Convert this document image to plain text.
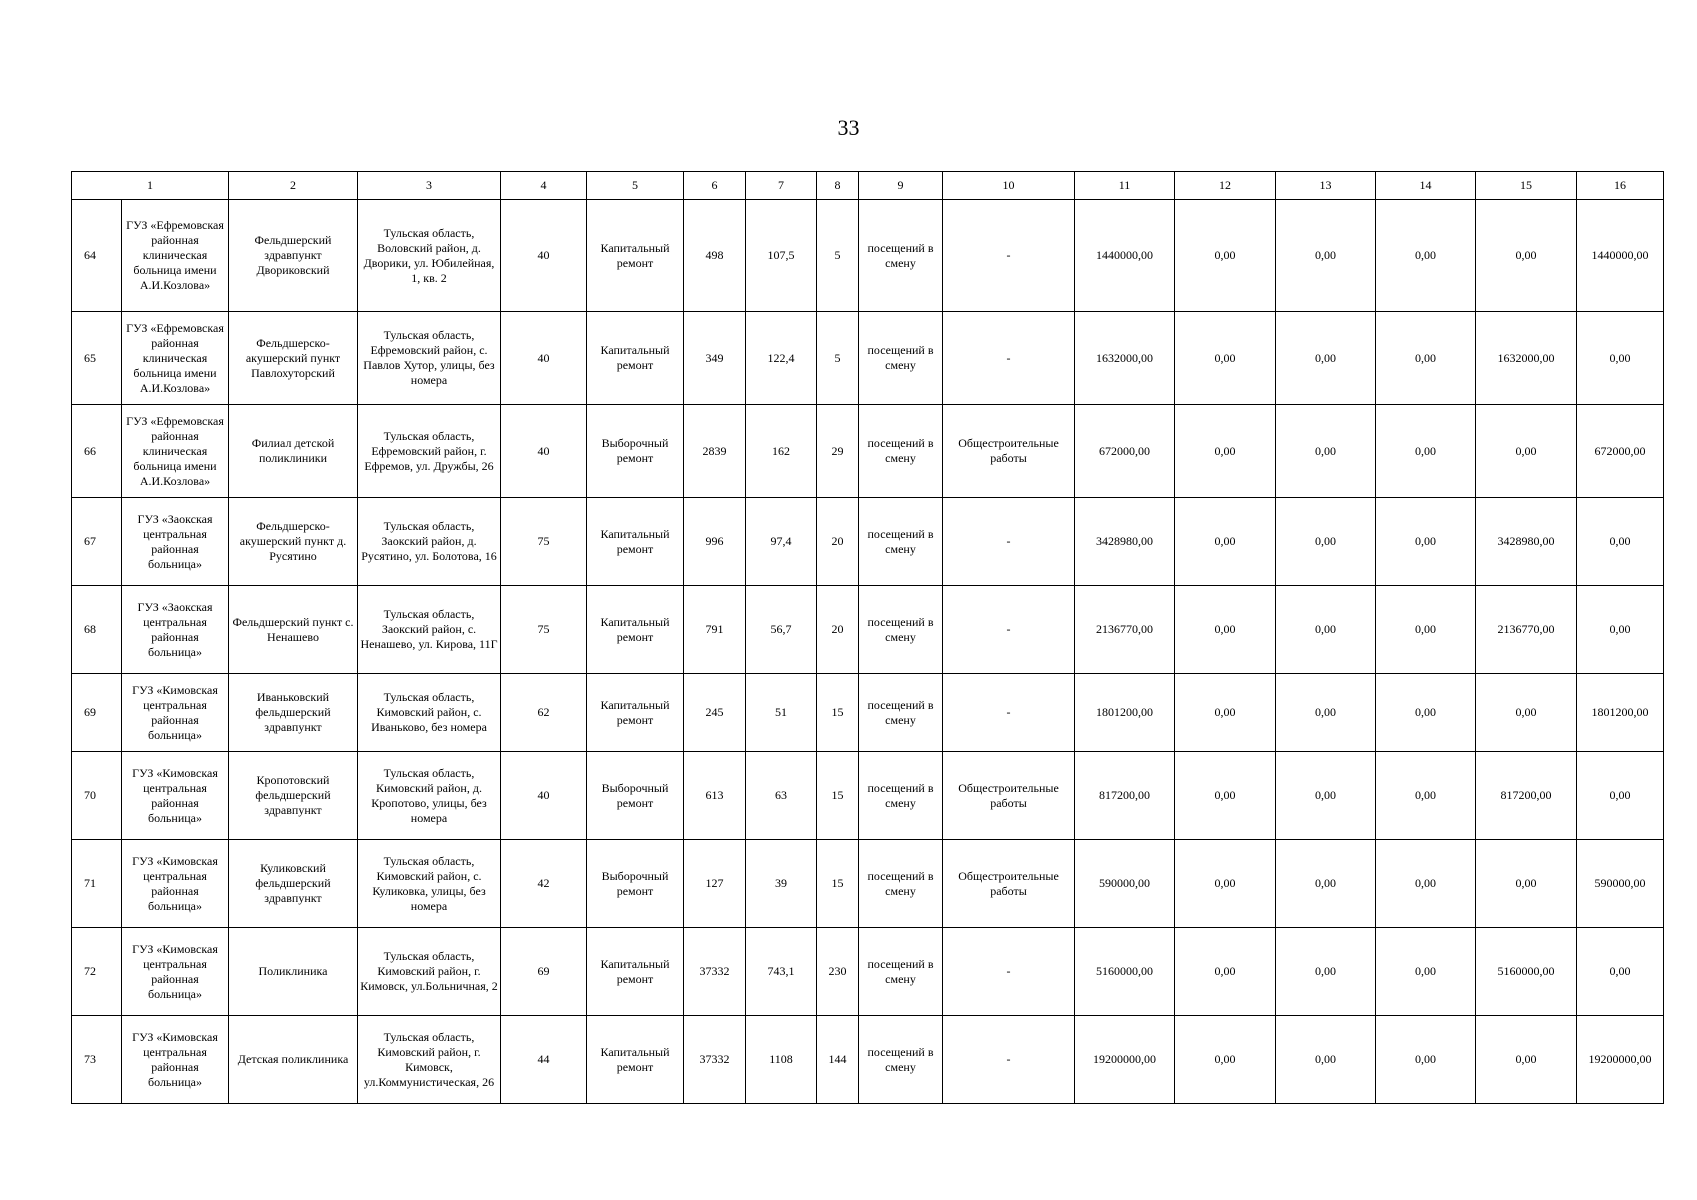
33
1		2	3	4	5	6	7	8	9	10	11	12	13	14	15	16
64	ГУЗ «Ефремовская районная клиническая больница имени А.И.Козлова»	Фельдшерский здравпункт Двориковский	Тульская область, Воловский район, д. Дворики, ул. Юбилейная, 1, кв. 2	40	Капитальный ремонт	498	107,5	5	посещений в смену	-	1440000,00	0,00	0,00	0,00	0,00	1440000,00
65	ГУЗ «Ефремовская районная клиническая больница имени А.И.Козлова»	Фельдшерско-акушерский пункт Павлохуторский	Тульская область, Ефремовский район, с. Павлов Хутор, улицы, без номера	40	Капитальный ремонт	349	122,4	5	посещений в смену	-	1632000,00	0,00	0,00	0,00	1632000,00	0,00
66	ГУЗ «Ефремовская районная клиническая больница имени А.И.Козлова»	Филиал детской поликлиники	Тульская область, Ефремовский район, г. Ефремов, ул. Дружбы, 26	40	Выборочный ремонт	2839	162	29	посещений в смену	Общестроительные работы	672000,00	0,00	0,00	0,00	0,00	672000,00
67	ГУЗ «Заокская центральная районная больница»	Фельдшерско-акушерский пункт д. Русятино	Тульская область, Заокский район, д. Русятино, ул. Болотова, 16	75	Капитальный ремонт	996	97,4	20	посещений в смену	-	3428980,00	0,00	0,00	0,00	3428980,00	0,00
68	ГУЗ «Заокская центральная районная больница»	Фельдшерский пункт с. Ненашево	Тульская область, Заокский район, с. Ненашево, ул. Кирова, 11Г	75	Капитальный ремонт	791	56,7	20	посещений в смену	-	2136770,00	0,00	0,00	0,00	2136770,00	0,00
69	ГУЗ «Кимовская центральная районная больница»	Иваньковский фельдшерский здравпункт	Тульская область, Кимовский район, с. Иваньково, без номера	62	Капитальный ремонт	245	51	15	посещений в смену	-	1801200,00	0,00	0,00	0,00	0,00	1801200,00
70	ГУЗ «Кимовская центральная районная больница»	Кропотовский фельдшерский здравпункт	Тульская область, Кимовский район, д. Кропотово, улицы, без номера	40	Выборочный ремонт	613	63	15	посещений в смену	Общестроительные работы	817200,00	0,00	0,00	0,00	817200,00	0,00
71	ГУЗ «Кимовская центральная районная больница»	Куликовский фельдшерский здравпункт	Тульская область, Кимовский район, с. Куликовка, улицы, без номера	42	Выборочный ремонт	127	39	15	посещений в смену	Общестроительные работы	590000,00	0,00	0,00	0,00	0,00	590000,00
72	ГУЗ «Кимовская центральная районная больница»	Поликлиника	Тульская область, Кимовский район, г. Кимовск, ул.Больничная, 2	69	Капитальный ремонт	37332	743,1	230	посещений в смену	-	5160000,00	0,00	0,00	0,00	5160000,00	0,00
73	ГУЗ «Кимовская центральная районная больница»	Детская поликлиника	Тульская область, Кимовский район, г. Кимовск, ул.Коммунистическая, 26	44	Капитальный ремонт	37332	1108	144	посещений в смену	-	19200000,00	0,00	0,00	0,00	0,00	19200000,00
